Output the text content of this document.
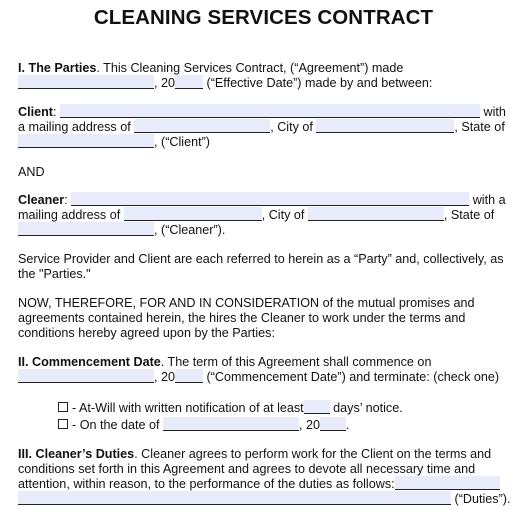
CLEANING SERVICES CONTRACT
I. The Parties. This Cleaning Services Contract, (“Agreement”) made
, 20 (“Effective Date”) made by and between:
Client:	with
a mailing address of	, City of	, State of
, (“Client”)
AND
Cleaner:	with a
mailing address of	, City of	, State of
, (“Cleaner”).
Service Provider and Client are each referred to herein as a “Party” and, collectively, as
the "Parties."
NOW, THEREFORE, FOR AND IN CONSIDERATION of the mutual promises and
agreements contained herein, the hires the Cleaner to work under the terms and
conditions hereby agreed upon by the Parties:
II. Commencement Date. The term of this Agreement shall commence on
, 20 (“Commencement Date”) and terminate: (check one)
- At-Will with written notification of at least days’ notice.
- On the date of	, 20 .
III. Cleaner’s Duties. Cleaner agrees to perform work for the Client on the terms and
conditions set forth in this Agreement and agrees to devote all necessary time and
attention, within reason, to the performance of the duties as follows:
(“Duties”).
